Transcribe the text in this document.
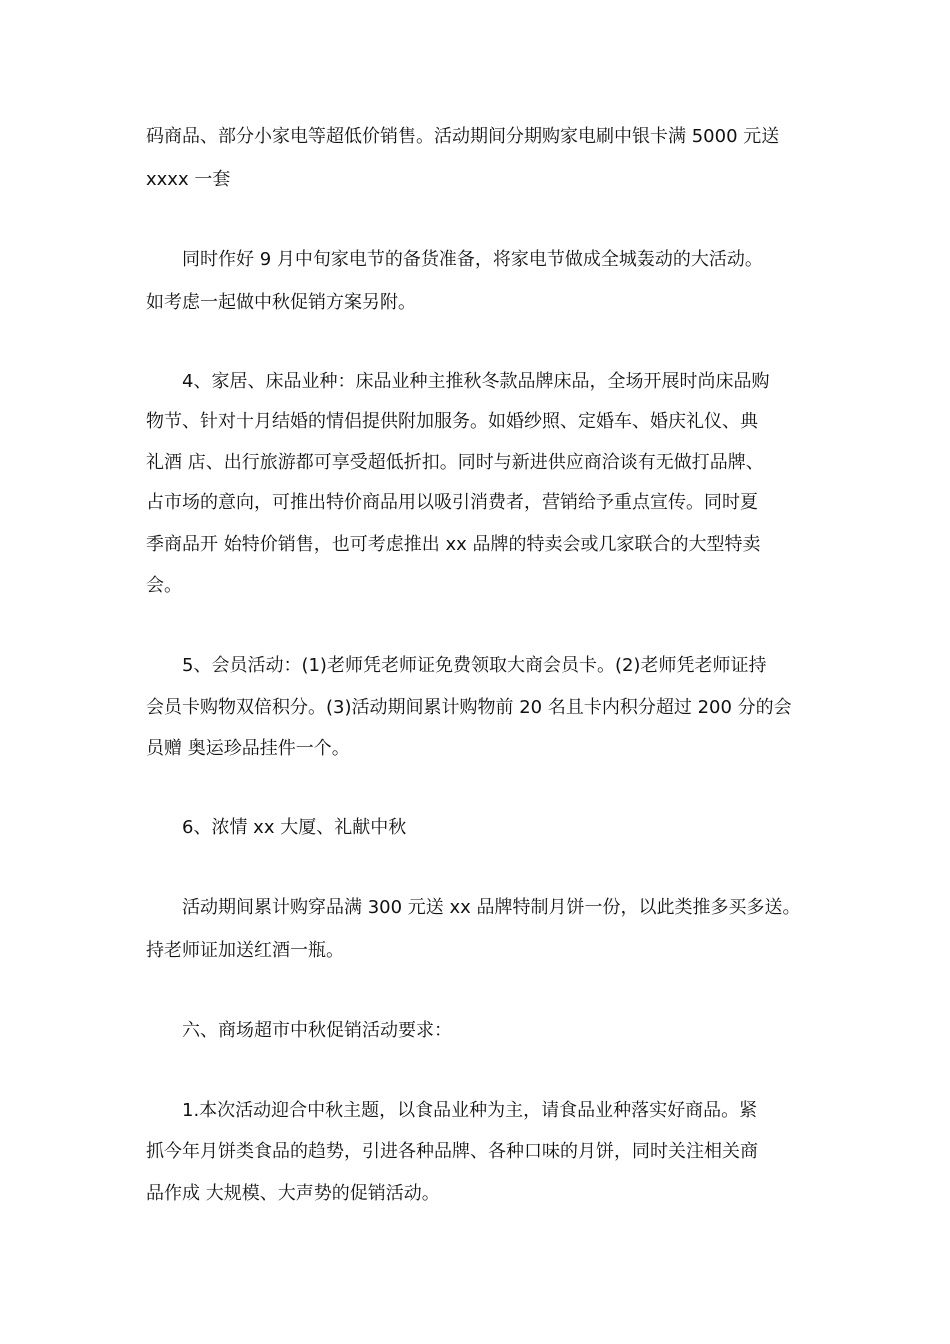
码商品、部分小家电等超低价销售。活动期间分期购家电刷中银卡满 5000 元送
xxxx 一套
同时作好 9 月中旬家电节的备货准备，将家电节做成全城轰动的大活动。
如考虑一起做中秋促销方案另附。
4、家居、床品业种：床品业种主推秋冬款品牌床品，全场开展时尚床品购
物节、针对十月结婚的情侣提供附加服务。如婚纱照、定婚车、婚庆礼仪、典
礼酒 店、出行旅游都可享受超低折扣。同时与新进供应商洽谈有无做打品牌、
占市场的意向，可推出特价商品用以吸引消费者，营销给予重点宣传。同时夏
季商品开 始特价销售，也可考虑推出 xx 品牌的特卖会或几家联合的大型特卖
会。
5、会员活动：(1)老师凭老师证免费领取大商会员卡。(2)老师凭老师证持
会员卡购物双倍积分。(3)活动期间累计购物前 20 名且卡内积分超过 200 分的会
员赠 奥运珍品挂件一个。
6、浓情 xx 大厦、礼献中秋
活动期间累计购穿品满 300 元送 xx 品牌特制月饼一份，以此类推多买多送。
持老师证加送红酒一瓶。
六、商场超市中秋促销活动要求：
1.本次活动迎合中秋主题，以食品业种为主，请食品业种落实好商品。紧
抓今年月饼类食品的趋势，引进各种品牌、各种口味的月饼，同时关注相关商
品作成 大规模、大声势的促销活动。
